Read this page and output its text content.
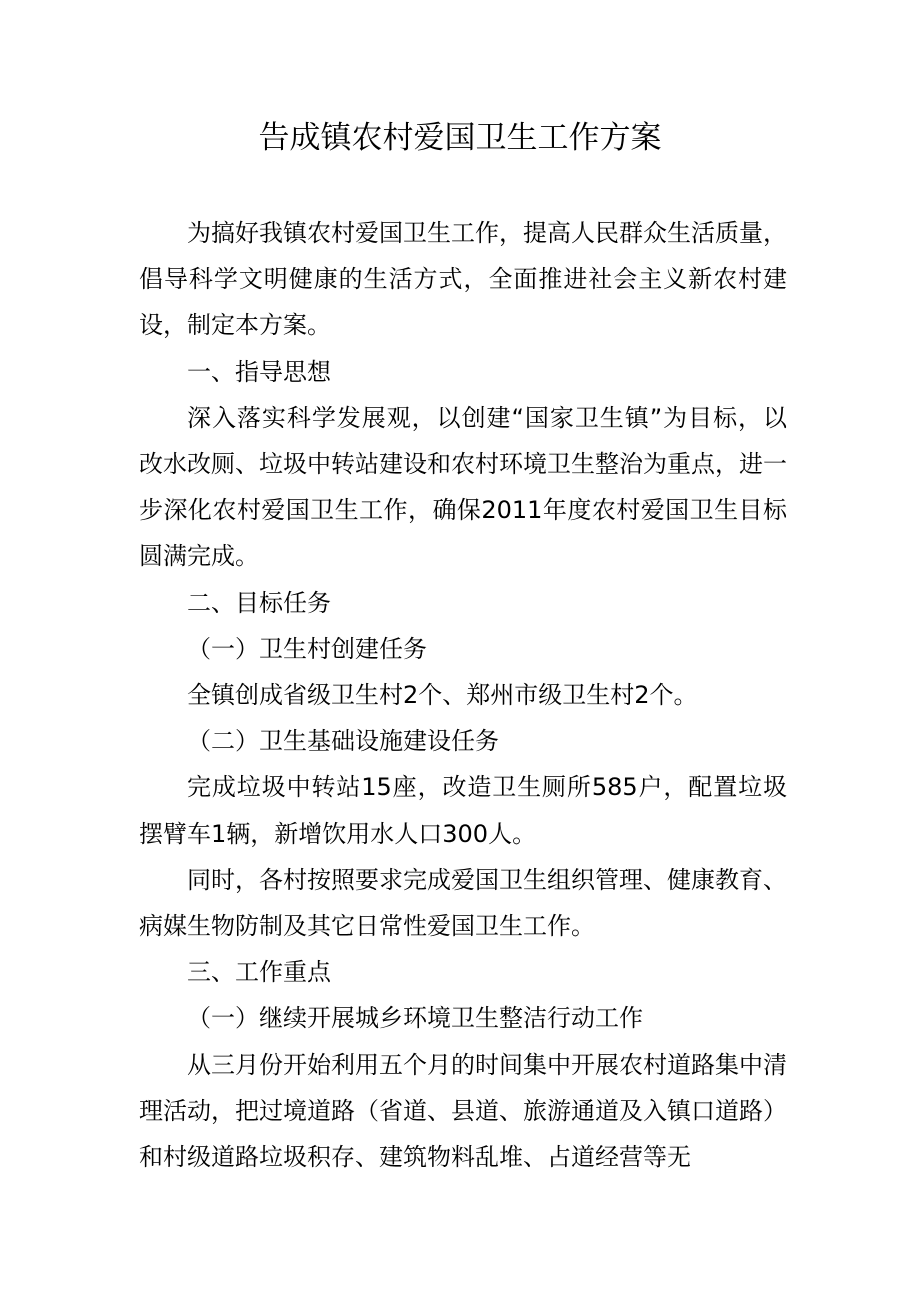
告成镇农村爱国卫生工作方案

为搞好我镇农村爱国卫生工作，提高人民群众生活质量，倡导科学文明健康的生活方式，全面推进社会主义新农村建设，制定本方案。

一、指导思想

深入落实科学发展观，以创建“国家卫生镇”为目标，以改水改厕、垃圾中转站建设和农村环境卫生整治为重点，进一步深化农村爱国卫生工作，确保2011年度农村爱国卫生目标圆满完成。

二、目标任务

（一）卫生村创建任务

全镇创成省级卫生村2个、郑州市级卫生村2个。

（二）卫生基础设施建设任务

完成垃圾中转站15座，改造卫生厕所585户，配置垃圾摆臂车1辆，新增饮用水人口300人。

同时，各村按照要求完成爱国卫生组织管理、健康教育、病媒生物防制及其它日常性爱国卫生工作。

三、工作重点

（一）继续开展城乡环境卫生整洁行动工作

从三月份开始利用五个月的时间集中开展农村道路集中清理活动，把过境道路（省道、县道、旅游通道及入镇口道路）和村级道路垃圾积存、建筑物料乱堆、占道经营等无
